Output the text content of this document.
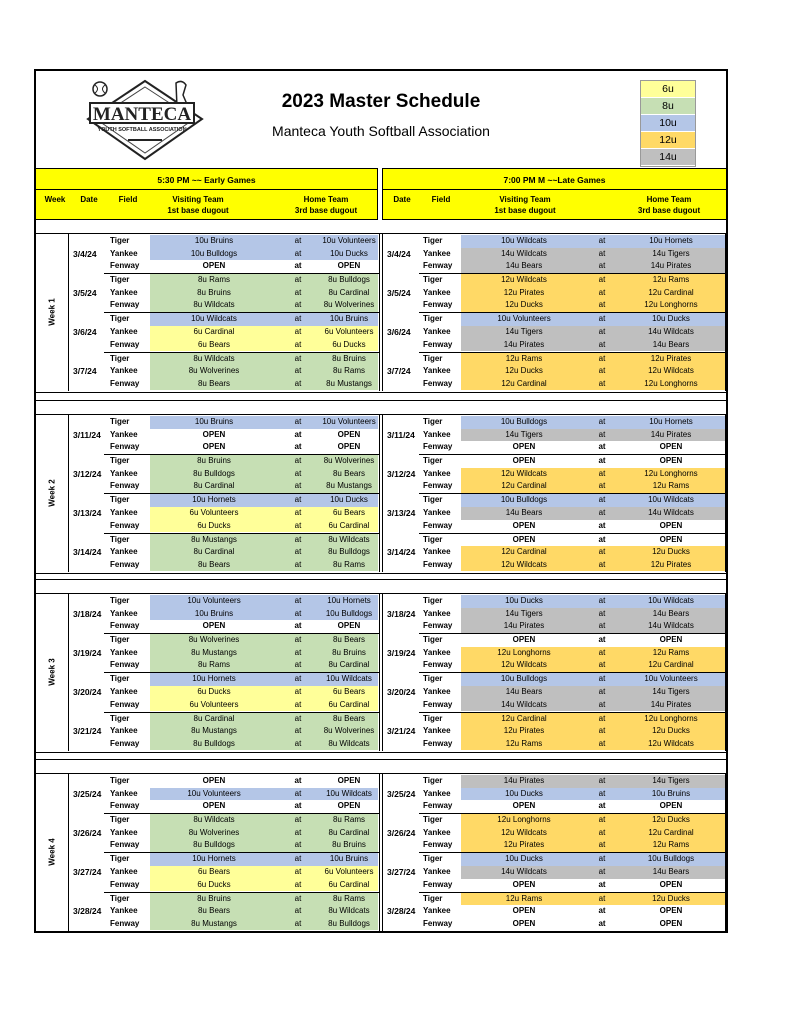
MANTECA
YOUTH SOFTBALL ASSOCIATION
2023 Master Schedule
Manteca Youth Softball Association
6u
8u
10u
12u
14u
5:30 PM ~~ Early Games
Week	Date	Field	Visiting Team
1st base dugout
Home Team
3rd base dugout
7:00 PM M ~~Late Games
Date	Field	Visiting Team
1st base dugout
Home Team
3rd base dugout
Week 1
3/4/24
Tiger	10u Bruins	at	10u Volunteers
Yankee	10u Bulldogs	at	10u Ducks
Fenway	OPEN	at	OPEN
3/5/24
Tiger	8u Rams	at	8u Bulldogs
Yankee	8u Bruins	at	8u Cardinal
Fenway	8u Wildcats	at	8u Wolverines
3/6/24
Tiger	10u Wildcats	at	10u Bruins
Yankee	6u Cardinal	at	6u Volunteers
Fenway	6u Bears	at	6u Ducks
3/7/24
Tiger	8u Wildcats	at	8u Bruins
Yankee	8u Wolverines	at	8u Rams
Fenway	8u Bears	at	8u Mustangs
3/4/24
Tiger	10u Wildcats	at	10u Hornets
Yankee	14u Wildcats	at	14u Tigers
Fenway	14u Bears	at	14u Pirates
3/5/24
Tiger	12u Wildcats	at	12u Rams
Yankee	12u Pirates	at	12u Cardinal
Fenway	12u Ducks	at	12u Longhorns
3/6/24
Tiger	10u Volunteers	at	10u Ducks
Yankee	14u Tigers	at	14u Wildcats
Fenway	14u Pirates	at	14u Bears
3/7/24
Tiger	12u Rams	at	12u Pirates
Yankee	12u Ducks	at	12u Wildcats
Fenway	12u Cardinal	at	12u Longhorns
Week 2
3/11/24
Tiger	10u Bruins	at	10u Volunteers
Yankee	OPEN	at	OPEN
Fenway	OPEN	at	OPEN
3/12/24
Tiger	8u Bruins	at	8u Wolverines
Yankee	8u Bulldogs	at	8u Bears
Fenway	8u Cardinal	at	8u Mustangs
3/13/24
Tiger	10u Hornets	at	10u Ducks
Yankee	6u Volunteers	at	6u Bears
Fenway	6u Ducks	at	6u Cardinal
3/14/24
Tiger	8u Mustangs	at	8u Wildcats
Yankee	8u Cardinal	at	8u Bulldogs
Fenway	8u Bears	at	8u Rams
3/11/24
Tiger	10u Bulldogs	at	10u Hornets
Yankee	14u Tigers	at	14u Pirates
Fenway	OPEN	at	OPEN
3/12/24
Tiger	OPEN	at	OPEN
Yankee	12u Wildcats	at	12u Longhorns
Fenway	12u Cardinal	at	12u Rams
3/13/24
Tiger	10u Bulldogs	at	10u Wildcats
Yankee	14u Bears	at	14u Wildcats
Fenway	OPEN	at	OPEN
3/14/24
Tiger	OPEN	at	OPEN
Yankee	12u Cardinal	at	12u Ducks
Fenway	12u Wildcats	at	12u Pirates
Week 3
3/18/24
Tiger	10u Volunteers	at	10u Hornets
Yankee	10u Bruins	at	10u Bulldogs
Fenway	OPEN	at	OPEN
3/19/24
Tiger	8u Wolverines	at	8u Bears
Yankee	8u Mustangs	at	8u Bruins
Fenway	8u Rams	at	8u Cardinal
3/20/24
Tiger	10u Hornets	at	10u Wildcats
Yankee	6u Ducks	at	6u Bears
Fenway	6u Volunteers	at	6u Cardinal
3/21/24
Tiger	8u Cardinal	at	8u Bears
Yankee	8u Mustangs	at	8u Wolverines
Fenway	8u Bulldogs	at	8u Wildcats
3/18/24
Tiger	10u Ducks	at	10u Wildcats
Yankee	14u Tigers	at	14u Bears
Fenway	14u Pirates	at	14u Wildcats
3/19/24
Tiger	OPEN	at	OPEN
Yankee	12u Longhorns	at	12u Rams
Fenway	12u Wildcats	at	12u Cardinal
3/20/24
Tiger	10u Bulldogs	at	10u Volunteers
Yankee	14u Bears	at	14u Tigers
Fenway	14u Wildcats	at	14u Pirates
3/21/24
Tiger	12u Cardinal	at	12u Longhorns
Yankee	12u Pirates	at	12u Ducks
Fenway	12u Rams	at	12u Wildcats
Week 4
3/25/24
Tiger	OPEN	at	OPEN
Yankee	10u Volunteers	at	10u Wildcats
Fenway	OPEN	at	OPEN
3/26/24
Tiger	8u Wildcats	at	8u Rams
Yankee	8u Wolverines	at	8u Cardinal
Fenway	8u Bulldogs	at	8u Bruins
3/27/24
Tiger	10u Hornets	at	10u Bruins
Yankee	6u Bears	at	6u Volunteers
Fenway	6u Ducks	at	6u Cardinal
3/28/24
Tiger	8u Bruins	at	8u Rams
Yankee	8u Bears	at	8u Wildcats
Fenway	8u Mustangs	at	8u Bulldogs
3/25/24
Tiger	14u Pirates	at	14u Tigers
Yankee	10u Ducks	at	10u Bruins
Fenway	OPEN	at	OPEN
3/26/24
Tiger	12u Longhorns	at	12u Ducks
Yankee	12u Wildcats	at	12u Cardinal
Fenway	12u Pirates	at	12u Rams
3/27/24
Tiger	10u Ducks	at	10u Bulldogs
Yankee	14u Wildcats	at	14u Bears
Fenway	OPEN	at	OPEN
3/28/24
Tiger	12u Rams	at	12u Ducks
Yankee	OPEN	at	OPEN
Fenway	OPEN	at	OPEN
